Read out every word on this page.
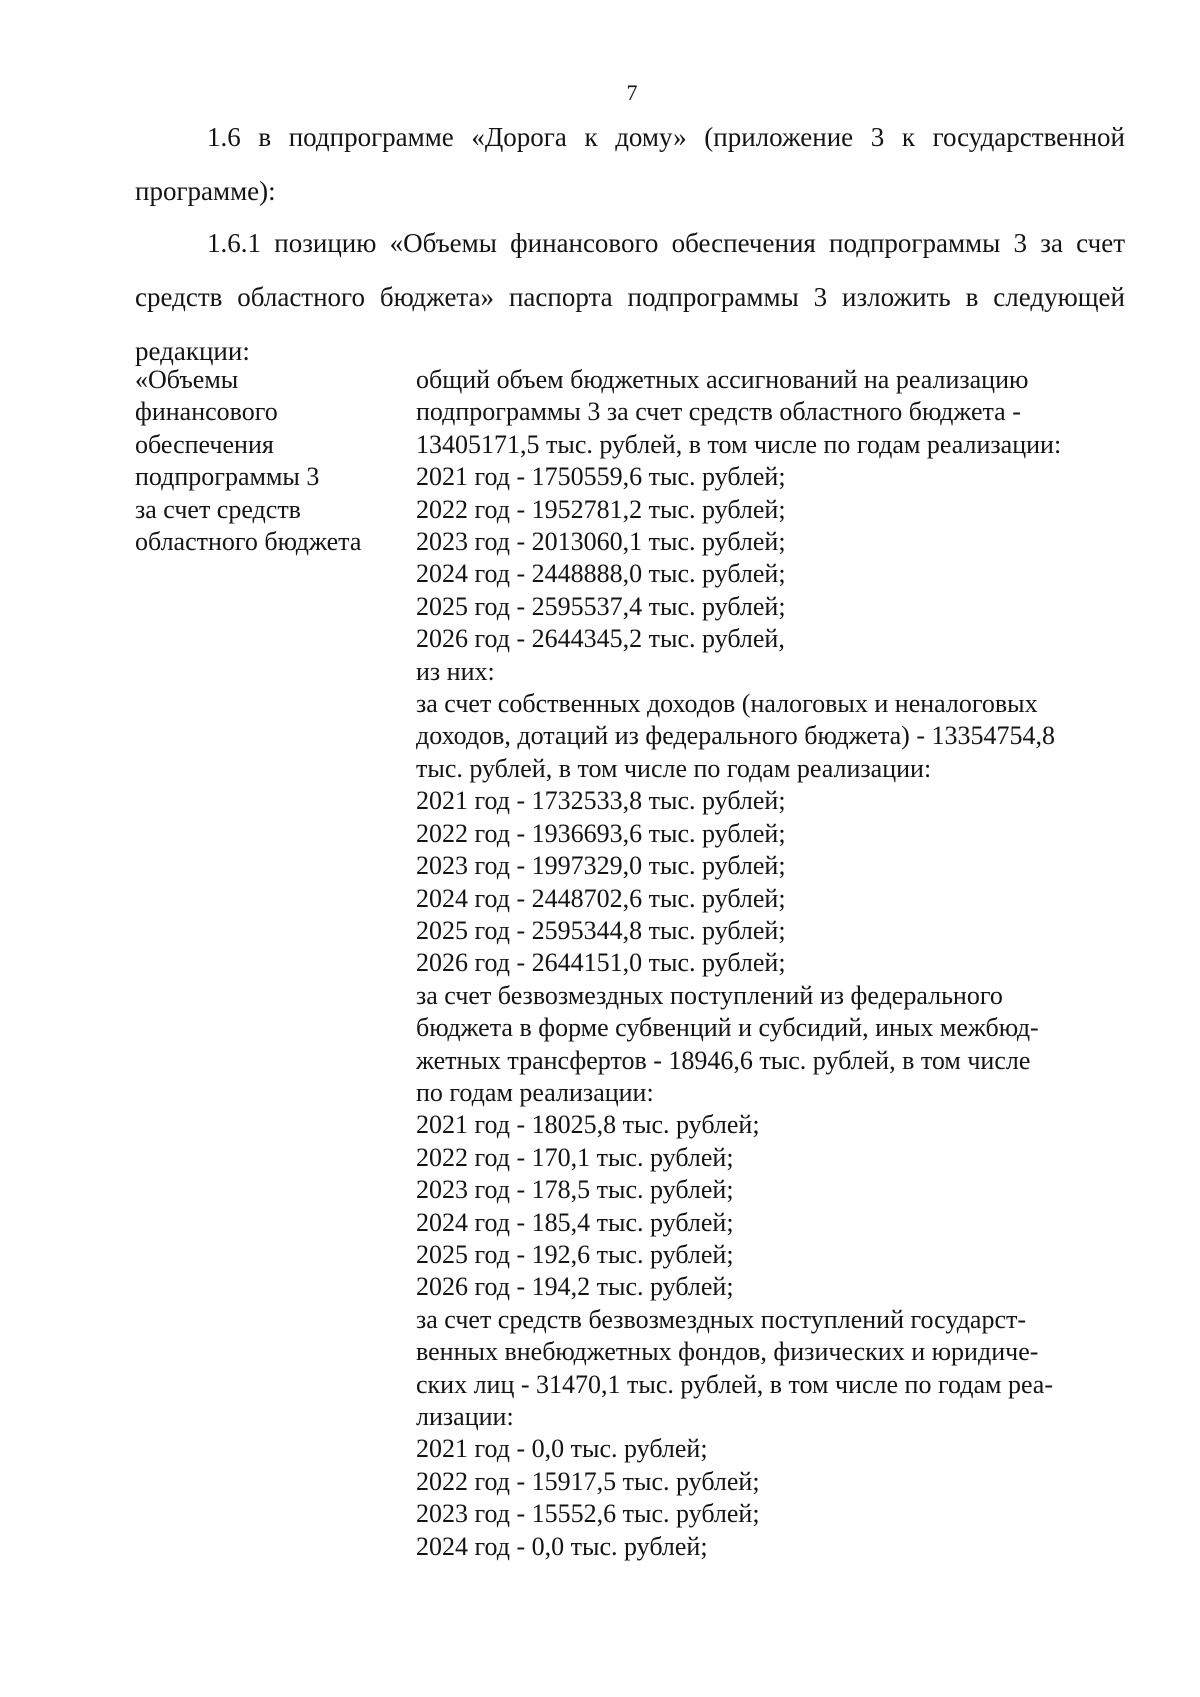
7
1.6 в подпрограмме «Дорога к дому» (приложение 3 к государственной
программе):
1.6.1 позицию «Объемы финансового обеспечения подпрограммы 3 за счет
средств областного бюджета» паспорта подпрограммы 3 изложить в следующей
редакции:
«Объемы
финансового
обеспечения
подпрограммы 3
за счет средств
областного бюджета
общий объем бюджетных ассигнований на реализацию
подпрограммы 3 за счет средств областного бюджета -
13405171,5 тыс. рублей, в том числе по годам реализации:
2021 год - 1750559,6 тыс. рублей;
2022 год - 1952781,2 тыс. рублей;
2023 год - 2013060,1 тыс. рублей;
2024 год - 2448888,0 тыс. рублей;
2025 год - 2595537,4 тыс. рублей;
2026 год - 2644345,2 тыс. рублей,
из них:
за счет собственных доходов (налоговых и неналоговых
доходов, дотаций из федерального бюджета) - 13354754,8
тыс. рублей, в том числе по годам реализации:
2021 год - 1732533,8 тыс. рублей;
2022 год - 1936693,6 тыс. рублей;
2023 год - 1997329,0 тыс. рублей;
2024 год - 2448702,6 тыс. рублей;
2025 год - 2595344,8 тыс. рублей;
2026 год - 2644151,0 тыс. рублей;
за счет безвозмездных поступлений из федерального
бюджета в форме субвенций и субсидий, иных межбюд-
жетных трансфертов - 18946,6 тыс. рублей, в том числе
по годам реализации:
2021 год - 18025,8 тыс. рублей;
2022 год - 170,1 тыс. рублей;
2023 год - 178,5 тыс. рублей;
2024 год - 185,4 тыс. рублей;
2025 год - 192,6 тыс. рублей;
2026 год - 194,2 тыс. рублей;
за счет средств безвозмездных поступлений государст-
венных внебюджетных фондов, физических и юридиче-
ских лиц - 31470,1 тыс. рублей, в том числе по годам реа-
лизации:
2021 год - 0,0 тыс. рублей;
2022 год - 15917,5 тыс. рублей;
2023 год - 15552,6 тыс. рублей;
2024 год - 0,0 тыс. рублей;
